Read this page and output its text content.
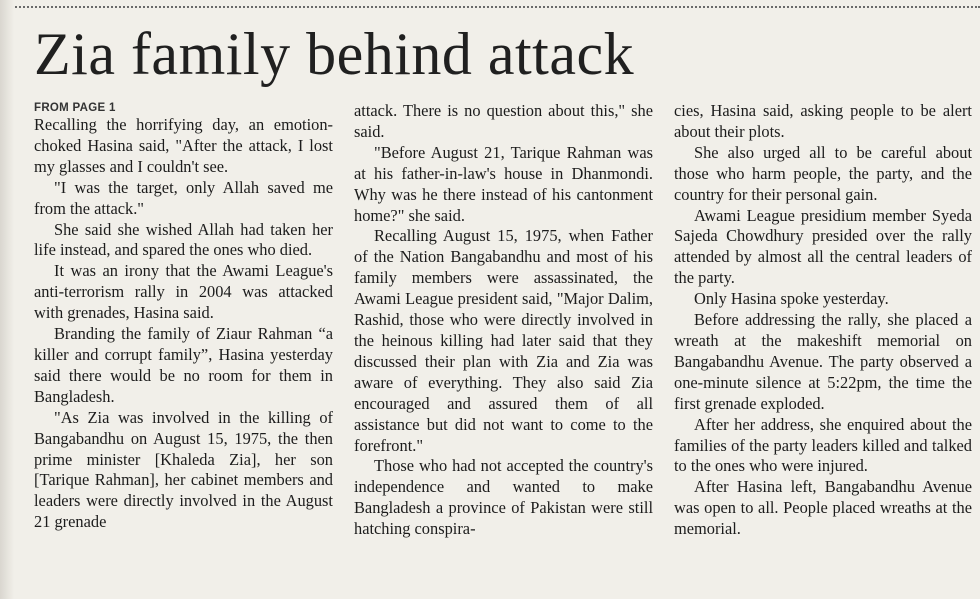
Zia family behind attack
FROM PAGE 1

Recalling the horrifying day, an emotion-choked Hasina said, "After the attack, I lost my glasses and I couldn't see.

"I was the target, only Allah saved me from the attack."

She said she wished Allah had taken her life instead, and spared the ones who died.

It was an irony that the Awami League's anti-terrorism rally in 2004 was attacked with grenades, Hasina said.

Branding the family of Ziaur Rahman “a killer and corrupt family”, Hasina yesterday said there would be no room for them in Bangladesh.

"As Zia was involved in the killing of Bangabandhu on August 15, 1975, the then prime minister [Khaleda Zia], her son [Tarique Rahman], her cabinet members and leaders were directly involved in the August 21 grenade

attack. There is no question about this," she said.

"Before August 21, Tarique Rahman was at his father-in-law's house in Dhanmondi. Why was he there instead of his cantonment home?" she said.

Recalling August 15, 1975, when Father of the Nation Bangabandhu and most of his family members were assassinated, the Awami League president said, "Major Dalim, Rashid, those who were directly involved in the heinous killing had later said that they discussed their plan with Zia and Zia was aware of everything. They also said Zia encouraged and assured them of all assistance but did not want to come to the forefront."

Those who had not accepted the country's independence and wanted to make Bangladesh a province of Pakistan were still hatching conspira-

cies, Hasina said, asking people to be alert about their plots.

She also urged all to be careful about those who harm people, the party, and the country for their personal gain.

Awami League presidium member Syeda Sajeda Chowdhury presided over the rally attended by almost all the central leaders of the party.

Only Hasina spoke yesterday.

Before addressing the rally, she placed a wreath at the makeshift memorial on Bangabandhu Avenue. The party observed a one-minute silence at 5:22pm, the time the first grenade exploded.

After her address, she enquired about the families of the party leaders killed and talked to the ones who were injured.

After Hasina left, Bangabandhu Avenue was open to all. People placed wreaths at the memorial.
